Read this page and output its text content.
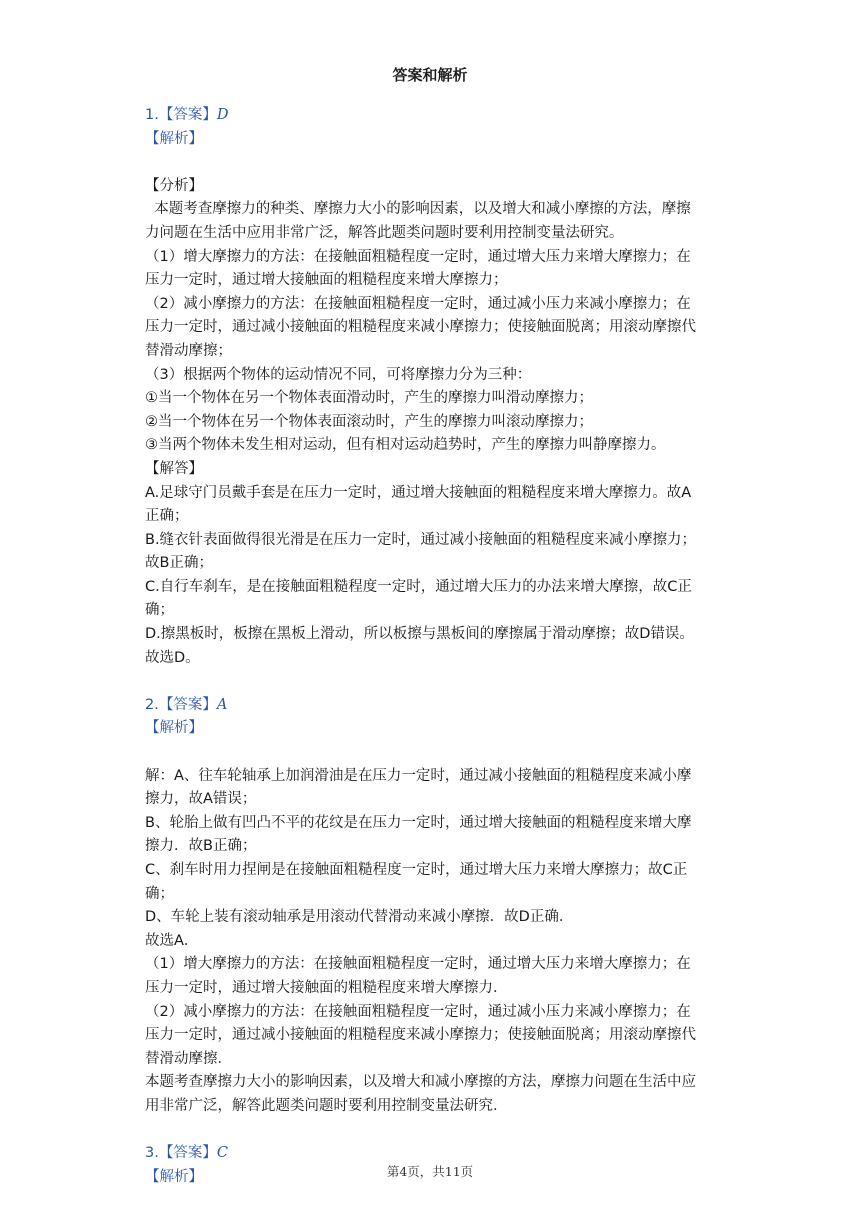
答案和解析
1.【答案】D
【解析】
【分析】
本题考查摩擦力的种类、摩擦力大小的影响因素，以及增大和减小摩擦的方法，摩擦
力问题在生活中应用非常广泛，解答此题类问题时要利用控制变量法研究。
（1）增大摩擦力的方法：在接触面粗糙程度一定时，通过增大压力来增大摩擦力；在
压力一定时，通过增大接触面的粗糙程度来增大摩擦力；
（2）减小摩擦力的方法：在接触面粗糙程度一定时，通过减小压力来减小摩擦力；在
压力一定时，通过减小接触面的粗糙程度来减小摩擦力；使接触面脱离；用滚动摩擦代
替滑动摩擦；
（3）根据两个物体的运动情况不同，可将摩擦力分为三种：
①当一个物体在另一个物体表面滑动时，产生的摩擦力叫滑动摩擦力；
②当一个物体在另一个物体表面滚动时，产生的摩擦力叫滚动摩擦力；
③当两个物体未发生相对运动，但有相对运动趋势时，产生的摩擦力叫静摩擦力。
【解答】
A.足球守门员戴手套是在压力一定时，通过增大接触面的粗糙程度来增大摩擦力。故A
正确；
B.缝衣针表面做得很光滑是在压力一定时，通过减小接触面的粗糙程度来减小摩擦力；
故B正确；
C.自行车刹车，是在接触面粗糙程度一定时，通过增大压力的办法来增大摩擦，故C正
确；
D.擦黑板时，板擦在黑板上滑动，所以板擦与黑板间的摩擦属于滑动摩擦；故D错误。
故选D。
2.【答案】A
【解析】
解：A、往车轮轴承上加润滑油是在压力一定时，通过减小接触面的粗糙程度来减小摩
擦力，故A错误；
B、轮胎上做有凹凸不平的花纹是在压力一定时，通过增大接触面的粗糙程度来增大摩
擦力．故B正确；
C、刹车时用力捏闸是在接触面粗糙程度一定时，通过增大压力来增大摩擦力；故C正
确；
D、车轮上装有滚动轴承是用滚动代替滑动来减小摩擦．故D正确．
故选A．
（1）增大摩擦力的方法：在接触面粗糙程度一定时，通过增大压力来增大摩擦力；在
压力一定时，通过增大接触面的粗糙程度来增大摩擦力．
（2）减小摩擦力的方法：在接触面粗糙程度一定时，通过减小压力来减小摩擦力；在
压力一定时，通过减小接触面的粗糙程度来减小摩擦力；使接触面脱离；用滚动摩擦代
替滑动摩擦．
本题考查摩擦力大小的影响因素，以及增大和减小摩擦的方法，摩擦力问题在生活中应
用非常广泛，解答此题类问题时要利用控制变量法研究．
3.【答案】C
【解析】	第4页，共11页
